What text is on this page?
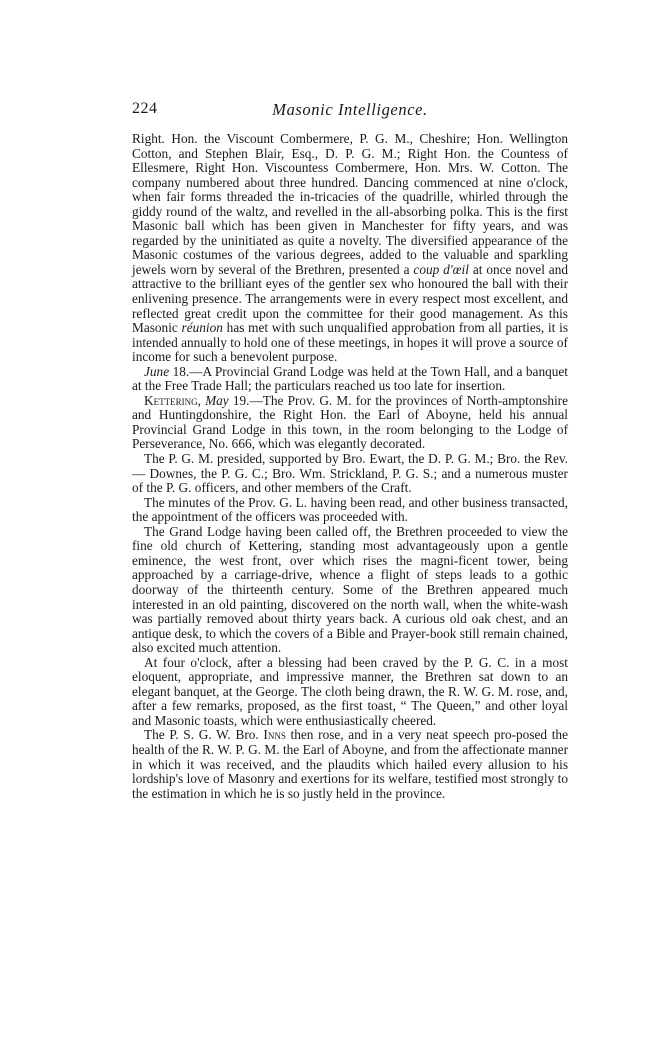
224	Masonic Intelligence.

Right. Hon. the Viscount Combermere, P. G. M., Cheshire; Hon. Wellington Cotton, and Stephen Blair, Esq., D. P. G. M.; Right Hon. the Countess of Ellesmere, Right Hon. Viscountess Combermere, Hon. Mrs. W. Cotton. The company numbered about three hundred. Dancing commenced at nine o'clock, when fair forms threaded the in-tricacies of the quadrille, whirled through the giddy round of the waltz, and revelled in the all-absorbing polka. This is the first Masonic ball which has been given in Manchester for fifty years, and was regarded by the uninitiated as quite a novelty. The diversified appearance of the Masonic costumes of the various degrees, added to the valuable and sparkling jewels worn by several of the Brethren, presented a coup d'œil at once novel and attractive to the brilliant eyes of the gentler sex who honoured the ball with their enlivening presence. The arrangements were in every respect most excellent, and reflected great credit upon the committee for their good management. As this Masonic réunion has met with such unqualified approbation from all parties, it is intended annually to hold one of these meetings, in hopes it will prove a source of income for such a benevolent purpose.

June 18.—A Provincial Grand Lodge was held at the Town Hall, and a banquet at the Free Trade Hall; the particulars reached us too late for insertion.

Kettering, May 19.—The Prov. G. M. for the provinces of North-amptonshire and Huntingdonshire, the Right Hon. the Earl of Aboyne, held his annual Provincial Grand Lodge in this town, in the room belonging to the Lodge of Perseverance, No. 666, which was elegantly decorated.

The P. G. M. presided, supported by Bro. Ewart, the D. P. G. M.; Bro. the Rev. — Downes, the P. G. C.; Bro. Wm. Strickland, P. G. S.; and a numerous muster of the P. G. officers, and other members of the Craft.

The minutes of the Prov. G. L. having been read, and other business transacted, the appointment of the officers was proceeded with.

The Grand Lodge having been called off, the Brethren proceeded to view the fine old church of Kettering, standing most advantageously upon a gentle eminence, the west front, over which rises the magni-ficent tower, being approached by a carriage-drive, whence a flight of steps leads to a gothic doorway of the thirteenth century. Some of the Brethren appeared much interested in an old painting, discovered on the north wall, when the white-wash was partially removed about thirty years back. A curious old oak chest, and an antique desk, to which the covers of a Bible and Prayer-book still remain chained, also excited much attention.

At four o'clock, after a blessing had been craved by the P. G. C. in a most eloquent, appropriate, and impressive manner, the Brethren sat down to an elegant banquet, at the George. The cloth being drawn, the R. W. G. M. rose, and, after a few remarks, proposed, as the first toast, “ The Queen,” and other loyal and Masonic toasts, which were enthusiastically cheered.

The P. S. G. W. Bro. Inns then rose, and in a very neat speech pro-posed the health of the R. W. P. G. M. the Earl of Aboyne, and from the affectionate manner in which it was received, and the plaudits which hailed every allusion to his lordship's love of Masonry and exertions for its welfare, testified most strongly to the estimation in which he is so justly held in the province.
